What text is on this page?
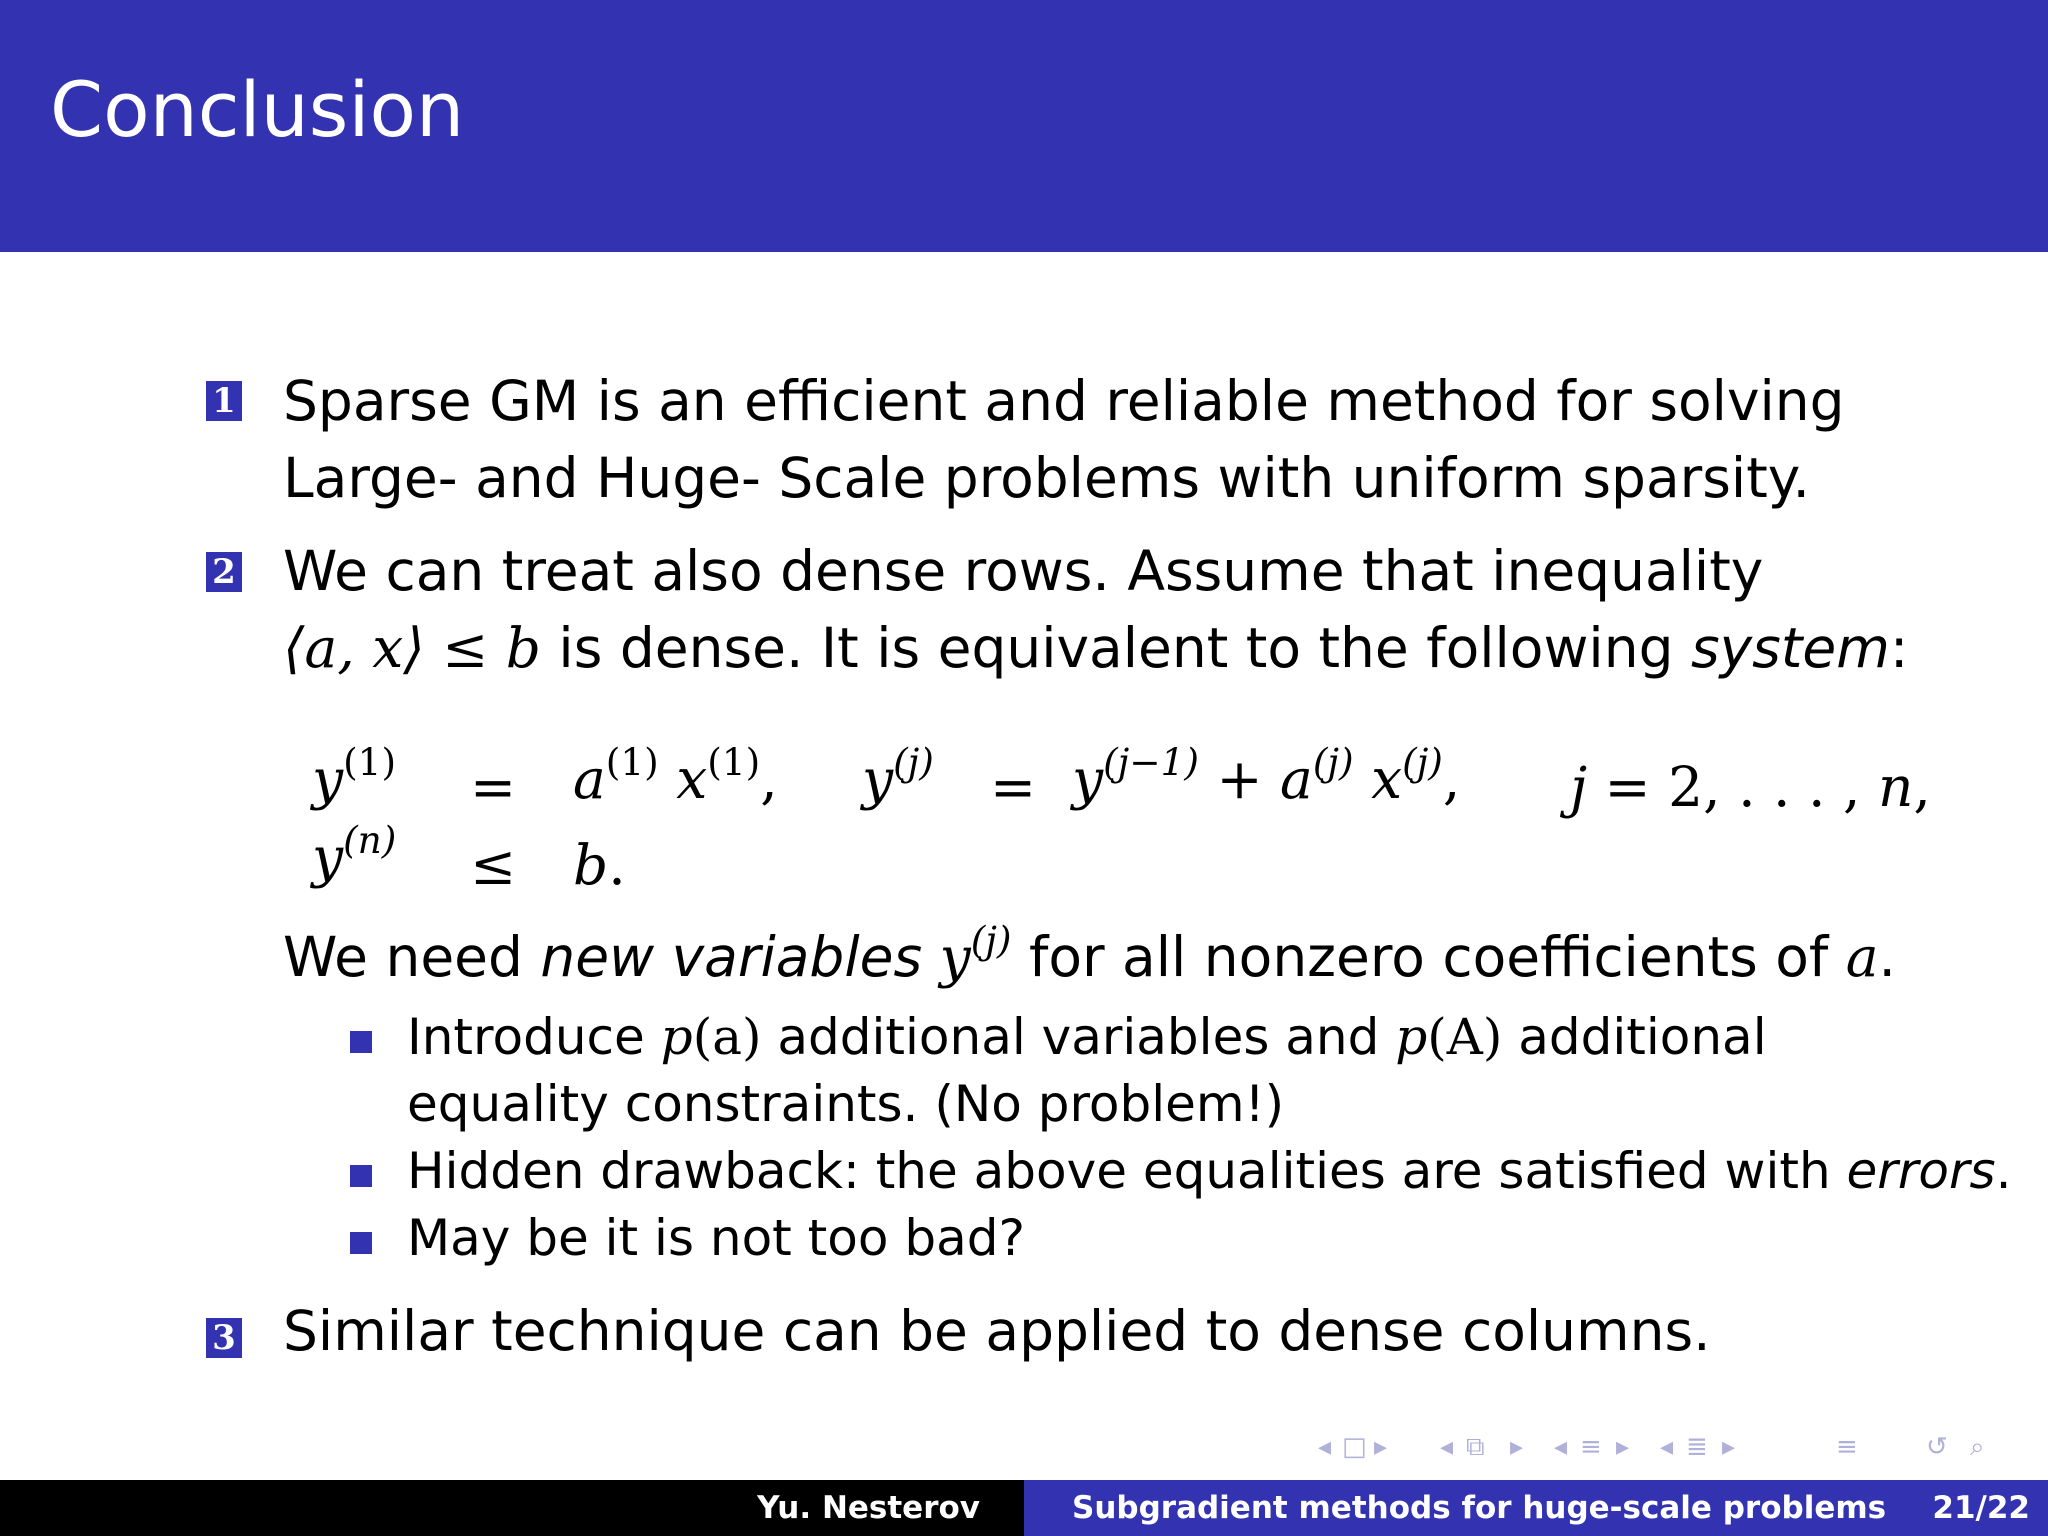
Conclusion
1 Sparse GM is an efficient and reliable method for solving
Large- and Huge- Scale problems with uniform sparsity.
2 We can treat also dense rows. Assume that inequality
⟨a, x⟩ ≤ b is dense. It is equivalent to the following system:
$y^{(1)} = a^{(1)}$ $x^{(1)}$, $y^{(j)} = y^{(j-1)} + a^{(j)}$ $x^{(j)}$, j = 2, . . . , n,
$y^{(n)} \le b$.
We need new variables $y^{(j)}$ for all nonzero coefficients of a.
Introduce p(a) additional variables and p(A) additional
equality constraints. (No problem!)
Hidden drawback: the above equalities are satisfied with errors.
May be it is not too bad?
3 Similar technique can be applied to dense columns.
◂ □ ▸ ◂ ⧉ ▸ ◂ ≡ ▸ ◂ ≣ ▸	≡	↺ ⌕
Yu. Nesterov	Subgradient methods for huge-scale problems 21/22
